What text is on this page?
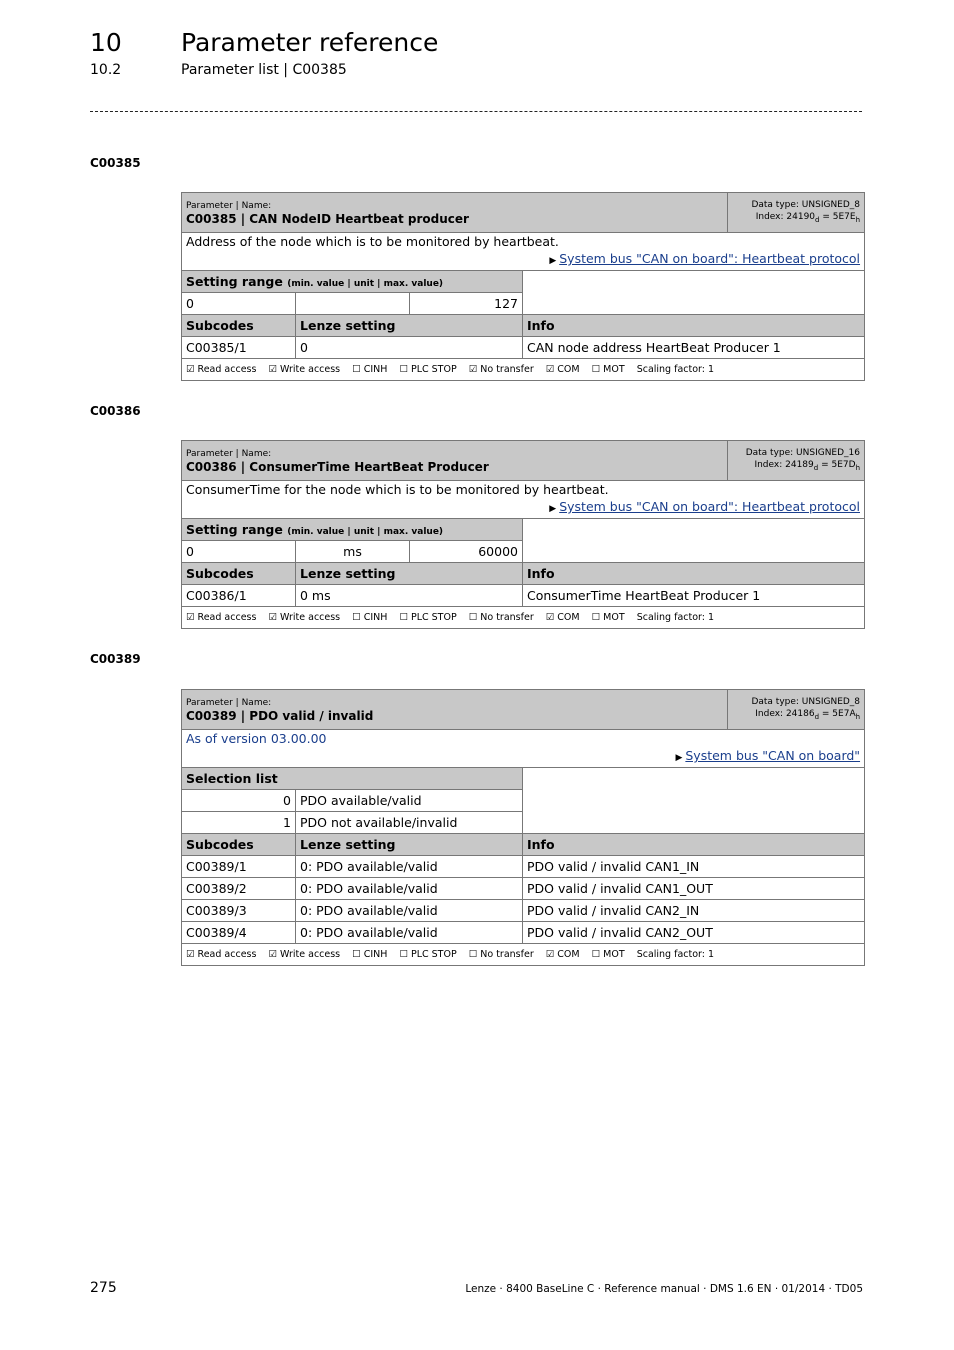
10 Parameter reference
10.2	Parameter list | C00385
C00385
Parameter | Name:
C00385 | CAN NodeID Heartbeat producer				Data type: UNSIGNED_8
Index: $24190_d = 5E7E_h$

Address of the node which is to be monitored by heartbeat.
▶ System bus "CAN on board": Heartbeat protocol				

Setting range (min. value | unit | max. value)				
0		127		
Subcodes	Lenze setting		Info	
C00385/1	0		CAN node address HeartBeat Producer 1	
☑ Read access ☑ Write access ☐ CINH ☐ PLC STOP ☑ No transfer ☑ COM ☐ MOT Scaling factor: 1				
C00386
Parameter | Name:
C00386 | ConsumerTime HeartBeat Producer				Data type: UNSIGNED_16
Index: $24189_d = 5E7D_h$

ConsumerTime for the node which is to be monitored by heartbeat.
▶ System bus "CAN on board": Heartbeat protocol				

Setting range (min. value | unit | max. value)				
0	ms	60000		
Subcodes	Lenze setting		Info	
C00386/1	0 ms		ConsumerTime HeartBeat Producer 1	
☑ Read access ☑ Write access ☐ CINH ☐ PLC STOP ☐ No transfer ☑ COM ☐ MOT Scaling factor: 1				
C00389
Parameter | Name:
C00389 | PDO valid / invalid			Data type: UNSIGNED_8
Index: $24186_d = 5E7A_h$

As of version 03.00.00
▶ System bus "CAN on board"			

Selection list			
0	PDO available/valid		
1	PDO not available/invalid		
Subcodes	Lenze setting	Info	
C00389/1	0: PDO available/valid	PDO valid / invalid CAN1_IN	
C00389/2	0: PDO available/valid	PDO valid / invalid CAN1_OUT	
C00389/3	0: PDO available/valid	PDO valid / invalid CAN2_IN	
C00389/4	0: PDO available/valid	PDO valid / invalid CAN2_OUT	
☑ Read access ☑ Write access ☐ CINH ☐ PLC STOP ☐ No transfer ☑ COM ☐ MOT Scaling factor: 1			
275	Lenze · 8400 BaseLine C · Reference manual · DMS 1.6 EN · 01/2014 · TD05
